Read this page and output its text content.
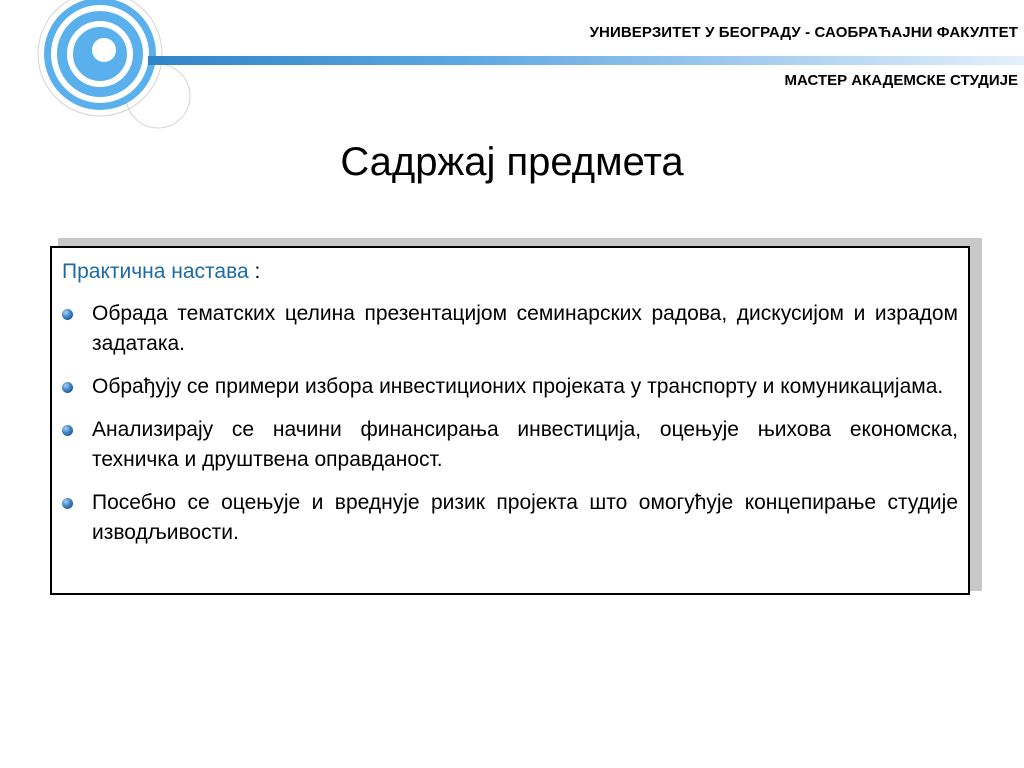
УНИВЕРЗИТЕТ У БЕОГРАДУ - САОБРАЋАЈНИ ФАКУЛТЕТ
МАСТЕР АКАДЕМСКЕ СТУДИЈЕ
Садржај предмета
Практична настава :
Обрада тематских целина презентацијом семинарских радова, дискусијом и израдом задатака.
Обрађују се примери избора инвестиционих пројеката у транспорту и комуникацијама.
Анализирају се начини финансирања инвестиција, оцењује њихова економска, техничка и друштвена оправданост.
Посебно се оцењује и вреднује ризик пројекта што омогућује концепирање студије изводљивости.
